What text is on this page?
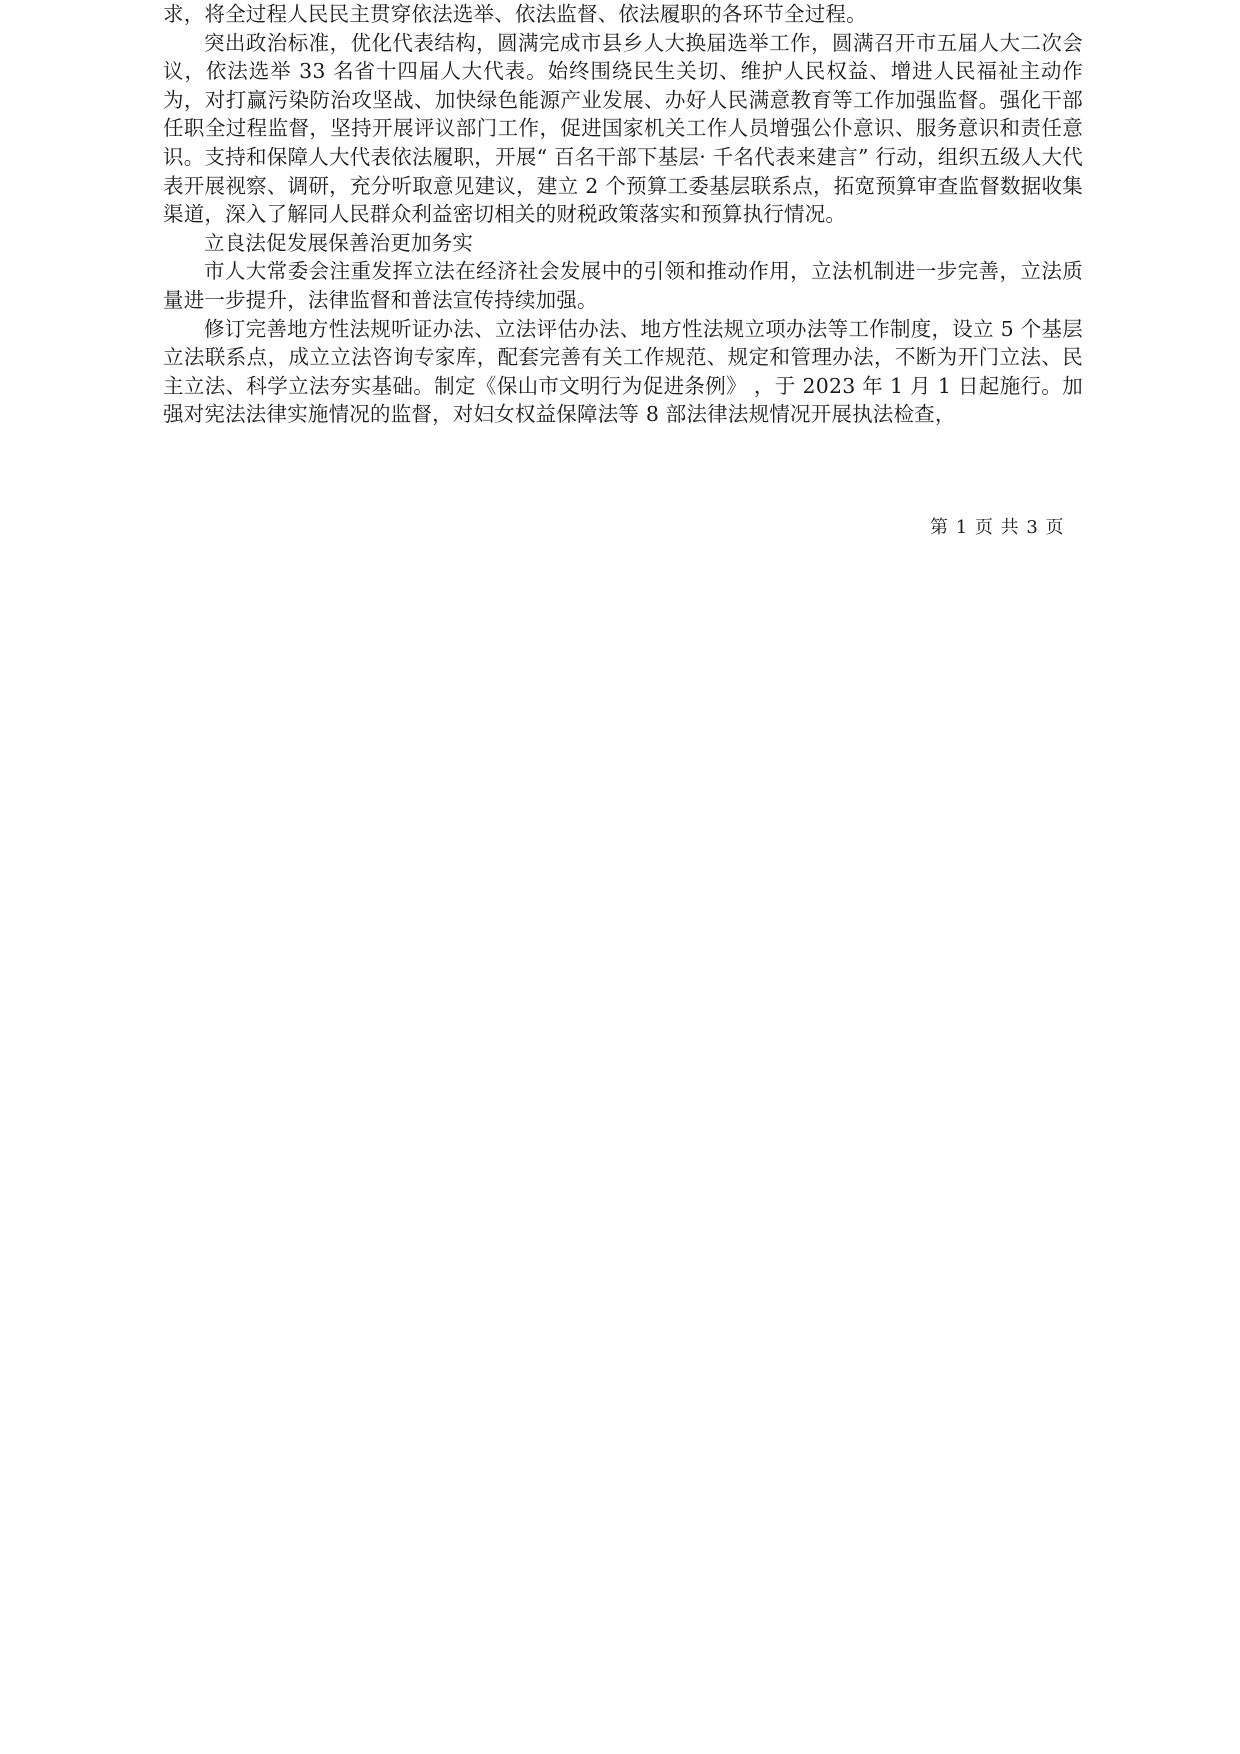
求，将全过程人民民主贯穿依法选举、依法监督、依法履职的各环节全过程。

突出政治标准，优化代表结构，圆满完成市县乡人大换届选举工作，圆满召开市五届人大二次会议，依法选举 33 名省十四届人大代表。始终围绕民生关切、维护人民权益、增进人民福祉主动作为，对打赢污染防治攻坚战、加快绿色能源产业发展、办好人民满意教育等工作加强监督。强化干部任职全过程监督，坚持开展评议部门工作，促进国家机关工作人员增强公仆意识、服务意识和责任意识。支持和保障人大代表依法履职，开展“ 百名干部下基层· 千名代表来建言” 行动，组织五级人大代表开展视察、调研，充分听取意见建议，建立 2 个预算工委基层联系点，拓宽预算审查监督数据收集渠道，深入了解同人民群众利益密切相关的财税政策落实和预算执行情况。

立良法促发展保善治更加务实

市人大常委会注重发挥立法在经济社会发展中的引领和推动作用，立法机制进一步完善，立法质量进一步提升，法律监督和普法宣传持续加强。

修订完善地方性法规听证办法、立法评估办法、地方性法规立项办法等工作制度，设立 5 个基层立法联系点，成立立法咨询专家库，配套完善有关工作规范、规定和管理办法，不断为开门立法、民主立法、科学立法夯实基础。制定《保山市文明行为促进条例》 ，于 2023 年 1 月 1 日起施行。加强对宪法法律实施情况的监督，对妇女权益保障法等 8 部法律法规情况开展执法检查，

第 1 页 共 3 页
